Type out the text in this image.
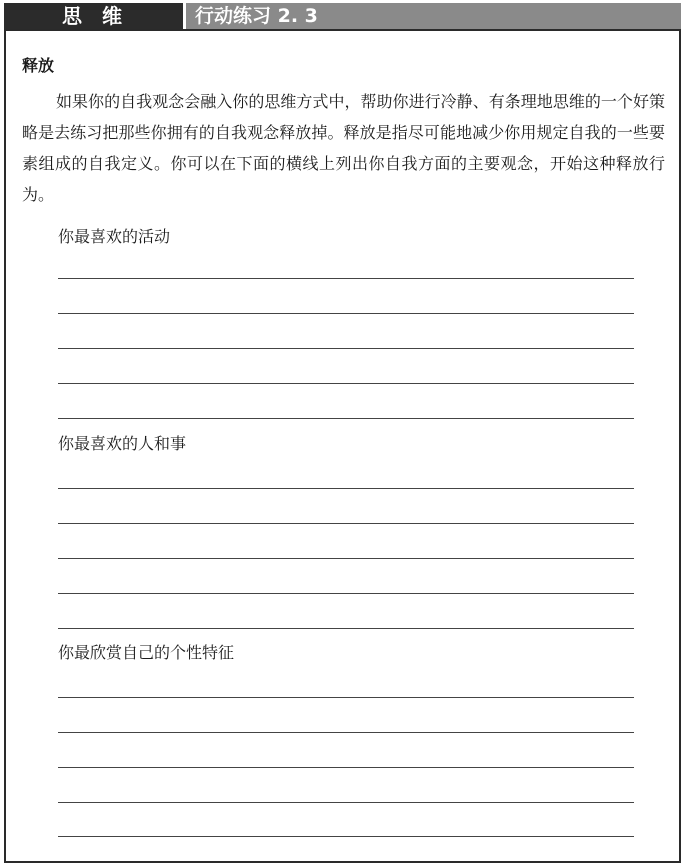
思维	行动练习 2. 3
释放

如果你的自我观念会融入你的思维方式中，帮助你进行冷静、有条理地思维的一个好策略是去练习把那些你拥有的自我观念释放掉。释放是指尽可能地减少你用规定自我的一些要素组成的自我定义。你可以在下面的横线上列出你自我方面的主要观念，开始这种释放行为。

你最喜欢的活动
你最喜欢的人和事
你最欣赏自己的个性特征
